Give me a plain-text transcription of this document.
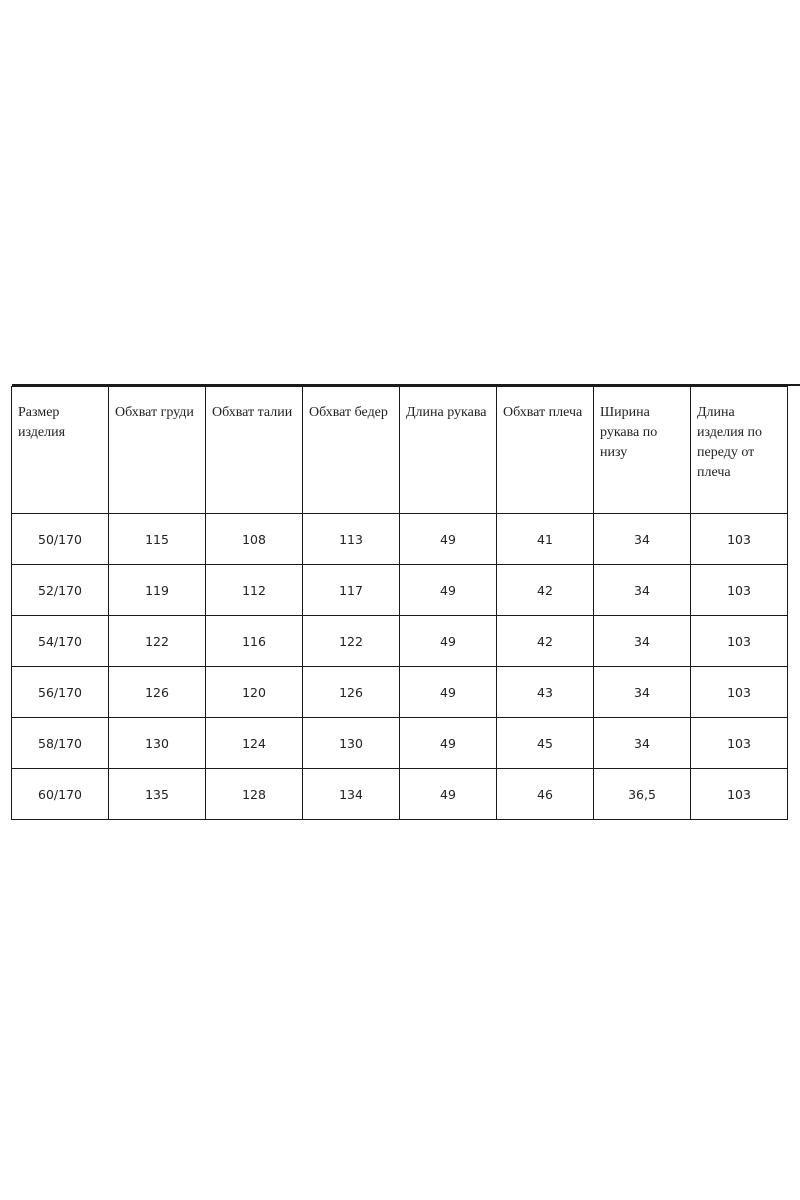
Размер изделия	Обхват груди	Обхват талии	Обхват бедер	Длина рукава	Обхват плеча	Ширина рукава по низу	Длина изделия по переду от плеча
50/170	115	108	113	49	41	34	103
52/170	119	112	117	49	42	34	103
54/170	122	116	122	49	42	34	103
56/170	126	120	126	49	43	34	103
58/170	130	124	130	49	45	34	103
60/170	135	128	134	49	46	36,5	103
